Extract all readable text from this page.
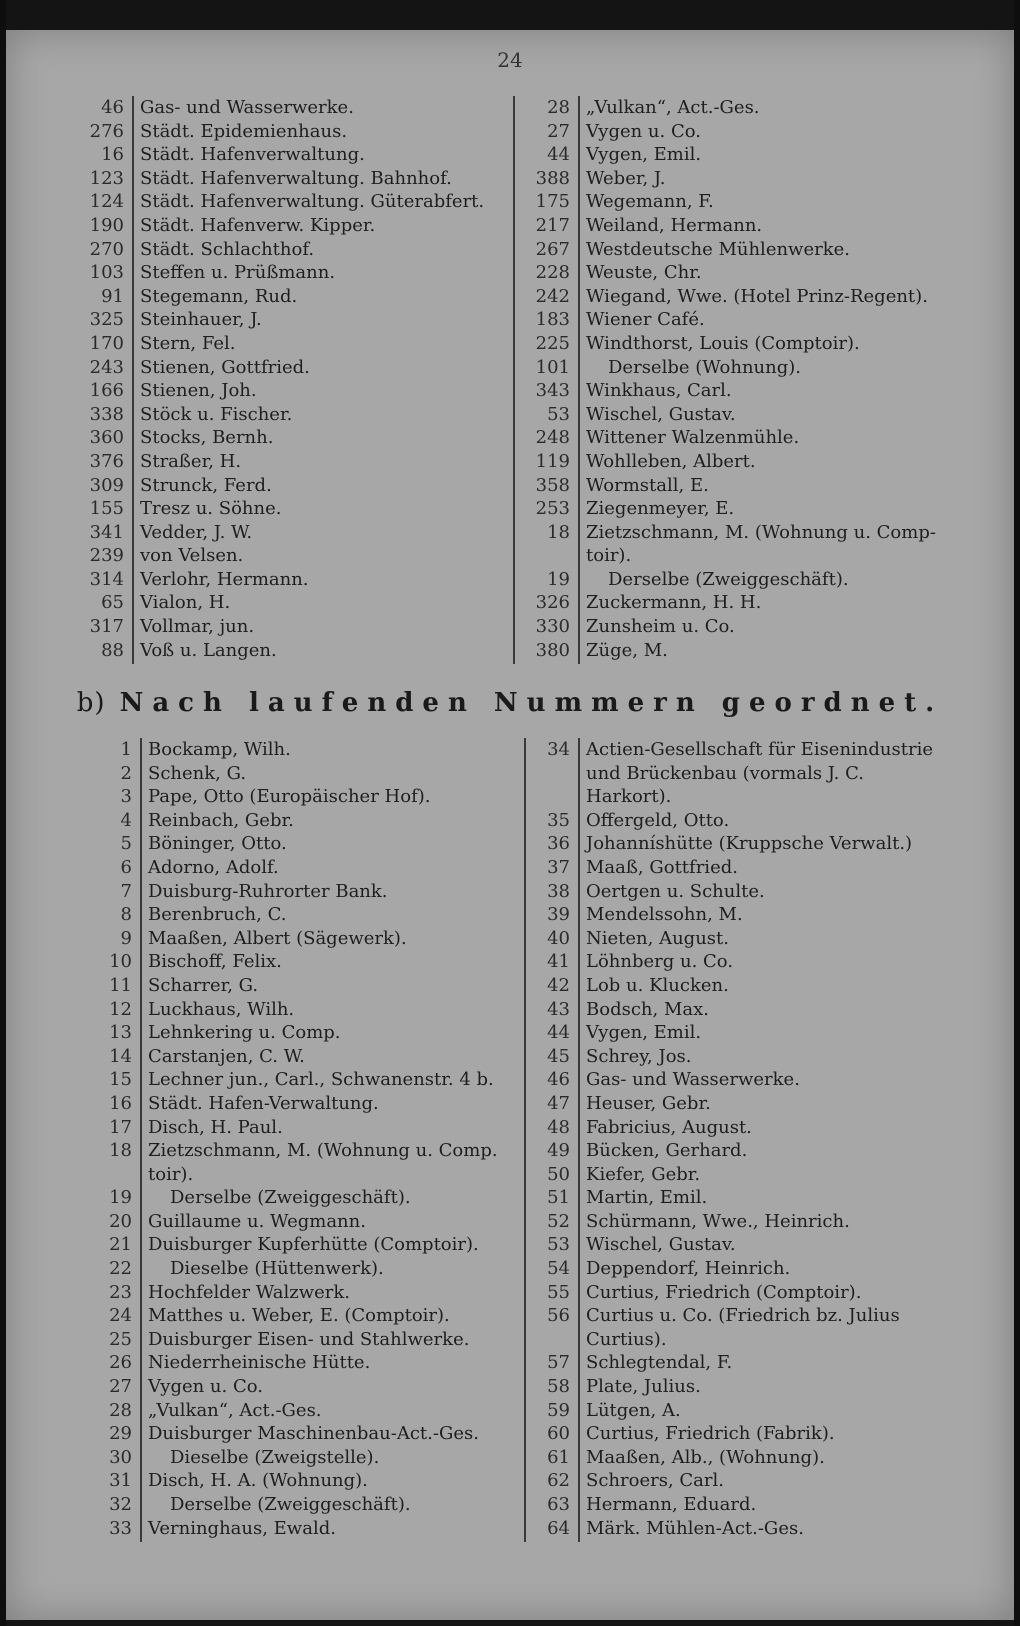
24
46 Gas- und Wasserwerke.
276 Städt. Epidemienhaus.
16 Städt. Hafenverwaltung.
123 Städt. Hafenverwaltung. Bahnhof.
124 Städt. Hafenverwaltung. Güterabfert.
190 Städt. Hafenverw. Kipper.
270 Städt. Schlachthof.
103 Steffen u. Prüßmann.
91 Stegemann, Rud.
325 Steinhauer, J.
170 Stern, Fel.
243 Stienen, Gottfried.
166 Stienen, Joh.
338 Stöck u. Fischer.
360 Stocks, Bernh.
376 Straßer, H.
309 Strunck, Ferd.
155 Tresz u. Söhne.
341 Vedder, J. W.
239 von Velsen.
314 Verlohr, Hermann.
65 Vialon, H.
317 Vollmar, jun.
88 Voß u. Langen.
28 „Vulkan“, Act.-Ges.
27 Vygen u. Co.
44 Vygen, Emil.
388 Weber, J.
175 Wegemann, F.
217 Weiland, Hermann.
267 Westdeutsche Mühlenwerke.
228 Weuste, Chr.
242 Wiegand, Wwe. (Hotel Prinz-Regent).
183 Wiener Café.
225 Windthorst, Louis (Comptoir).
101	Derselbe (Wohnung).
343 Winkhaus, Carl.
53 Wischel, Gustav.
248 Wittener Walzenmühle.
119 Wohlleben, Albert.
358 Wormstall, E.
253 Ziegenmeyer, E.
18 Zietzschmann, M. (Wohnung u. Comp-
toir).
19	Derselbe (Zweiggeschäft).
326 Zuckermann, H. H.
330 Zunsheim u. Co.
380 Züge, M.
b) Nach laufenden Nummern geordnet.
1 Bockamp, Wilh.
2 Schenk, G.
3 Pape, Otto (Europäischer Hof).
4 Reinbach, Gebr.
5 Böninger, Otto.
6 Adorno, Adolf.
7 Duisburg-Ruhrorter Bank.
8 Berenbruch, C.
9 Maaßen, Albert (Sägewerk).
10 Bischoff, Felix.
11 Scharrer, G.
12 Luckhaus, Wilh.
13 Lehnkering u. Comp.
14 Carstanjen, C. W.
15 Lechner jun., Carl., Schwanenstr. 4 b.
16 Städt. Hafen-Verwaltung.
17 Disch, H. Paul.
18 Zietzschmann, M. (Wohnung u. Comp.
toir).
19	Derselbe (Zweiggeschäft).
20 Guillaume u. Wegmann.
21 Duisburger Kupferhütte (Comptoir).
22	Dieselbe (Hüttenwerk).
23 Hochfelder Walzwerk.
24 Matthes u. Weber, E. (Comptoir).
25 Duisburger Eisen- und Stahlwerke.
26 Niederrheinische Hütte.
27 Vygen u. Co.
28 „Vulkan“, Act.-Ges.
29 Duisburger Maschinenbau-Act.-Ges.
30	Dieselbe (Zweigstelle).
31 Disch, H. A. (Wohnung).
32	Derselbe (Zweiggeschäft).
33 Verninghaus, Ewald.
34 Actien-Gesellschaft für Eisenindustrie
und Brückenbau (vormals J. C.
Harkort).
35 Offergeld, Otto.
36 Johanníshütte (Kruppsche Verwalt.)
37 Maaß, Gottfried.
38 Oertgen u. Schulte.
39 Mendelssohn, M.
40 Nieten, August.
41 Löhnberg u. Co.
42 Lob u. Klucken.
43 Bodsch, Max.
44 Vygen, Emil.
45 Schrey, Jos.
46 Gas- und Wasserwerke.
47 Heuser, Gebr.
48 Fabricius, August.
49 Bücken, Gerhard.
50 Kiefer, Gebr.
51 Martin, Emil.
52 Schürmann, Wwe., Heinrich.
53 Wischel, Gustav.
54 Deppendorf, Heinrich.
55 Curtius, Friedrich (Comptoir).
56 Curtius u. Co. (Friedrich bz. Julius
Curtius).
57 Schlegtendal, F.
58 Plate, Julius.
59 Lütgen, A.
60 Curtius, Friedrich (Fabrik).
61 Maaßen, Alb., (Wohnung).
62 Schroers, Carl.
63 Hermann, Eduard.
64 Märk. Mühlen-Act.-Ges.
